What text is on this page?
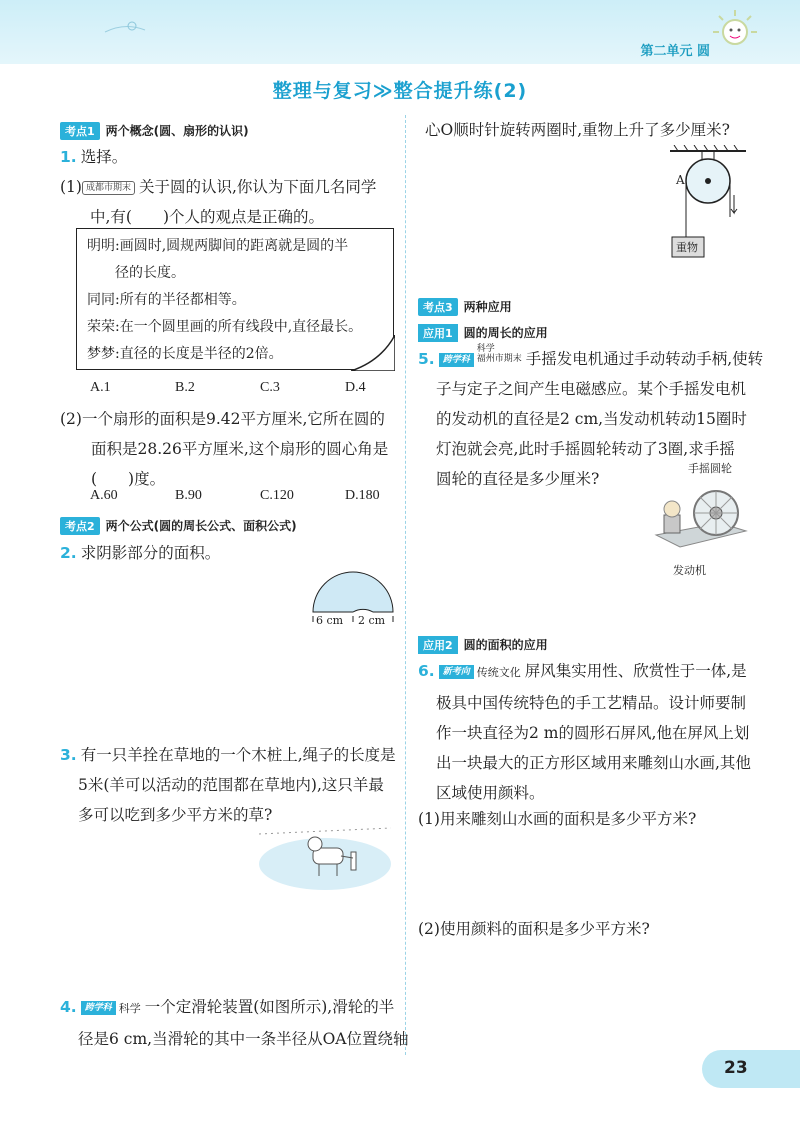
第二单元 圆
整理与复习≫整合提升练(2)
考点1 两个概念(圆、扇形的认识)
1. 选择。
(1) 成都市期末 关于圆的认识,你认为下面几名同学
中,有(　　)个人的观点是正确的。
明明:画圆时,圆规两脚间的距离就是圆的半
　　径的长度。
同同:所有的半径都相等。
荣荣:在一个圆里画的所有线段中,直径最长。
梦梦:直径的长度是半径的2倍。
A.1	B.2	C.3	D.4
(2)一个扇形的面积是9.42平方厘米,它所在圆的
　　面积是28.26平方厘米,这个扇形的圆心角是
　　(　　)度。
A.60	B.90	C.120	D.180
考点2 两个公式(圆的周长公式、面积公式)
2. 求阴影部分的面积。
6 cm 2 cm
3. 有一只羊拴在草地的一个木桩上,绳子的长度是
5米(羊可以活动的范围都在草地内),这只羊最
多可以吃到多少平方米的草?
4. 跨学科 科学 一个定滑轮装置(如图所示),滑轮的半
径是6 cm,当滑轮的其中一条半径从OA位置绕轴
心O顺时针旋转两圈时,重物上升了多少厘米?
A
重物
考点3 两种应用
应用1 圆的周长的应用
5. 跨学科科学
福州市期末 手摇发电机通过手动转动手柄,使转
子与定子之间产生电磁感应。某个手摇发电机
的发动机的直径是2 cm,当发动机转动15圈时
灯泡就会亮,此时手摇圆轮转动了3圈,求手摇
圆轮的直径是多少厘米?
手摇圆轮
发动机
应用2 圆的面积的应用
6. 新考向 传统文化 屏风集实用性、欣赏性于一体,是
极具中国传统特色的手工艺精品。设计师要制
作一块直径为2 m的圆形石屏风,他在屏风上划
出一块最大的正方形区域用来雕刻山水画,其他
区域使用颜料。
(1)用来雕刻山水画的面积是多少平方米?
(2)使用颜料的面积是多少平方米?
23
